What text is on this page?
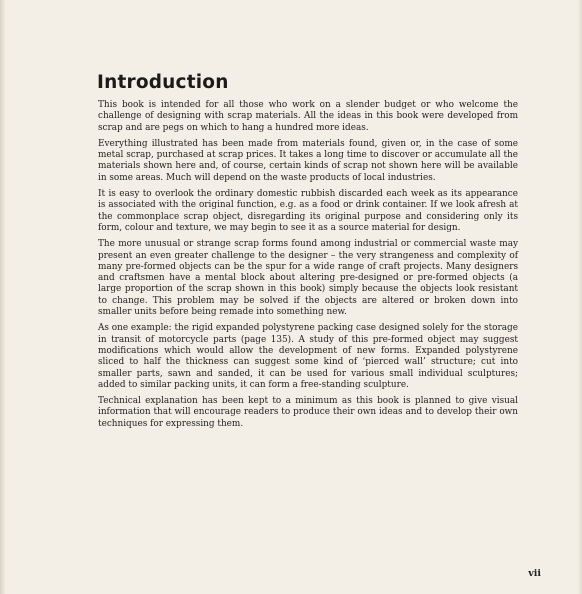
Introduction

This book is intended for all those who work on a slender budget or who welcome the challenge of designing with scrap materials. All the ideas in this book were developed from scrap and are pegs on which to hang a hundred more ideas.

Everything illustrated has been made from materials found, given or, in the case of some metal scrap, purchased at scrap prices. It takes a long time to discover or accumulate all the materials shown here and, of course, certain kinds of scrap not shown here will be available in some areas. Much will depend on the waste products of local industries.

It is easy to overlook the ordinary domestic rubbish discarded each week as its appearance is associated with the original function, e.g. as a food or drink container. If we look afresh at the commonplace scrap object, disregarding its original purpose and considering only its form, colour and texture, we may begin to see it as a source material for design.

The more unusual or strange scrap forms found among industrial or commercial waste may present an even greater challenge to the designer – the very strangeness and complexity of many pre-formed objects can be the spur for a wide range of craft projects. Many designers and craftsmen have a mental block about altering pre-designed or pre-formed objects (a large proportion of the scrap shown in this book) simply because the objects look resistant to change. This problem may be solved if the objects are altered or broken down into smaller units before being remade into something new.

As one example: the rigid expanded polystyrene packing case designed solely for the storage in transit of motorcycle parts (page 135). A study of this pre-formed object may suggest modifications which would allow the development of new forms. Expanded polystyrene sliced to half the thickness can suggest some kind of ‘pierced wall’ structure; cut into smaller parts, sawn and sanded, it can be used for various small individual sculptures; added to similar packing units, it can form a free-standing sculpture.

Technical explanation has been kept to a minimum as this book is planned to give visual information that will encourage readers to produce their own ideas and to develop their own techniques for expressing them.

vii
